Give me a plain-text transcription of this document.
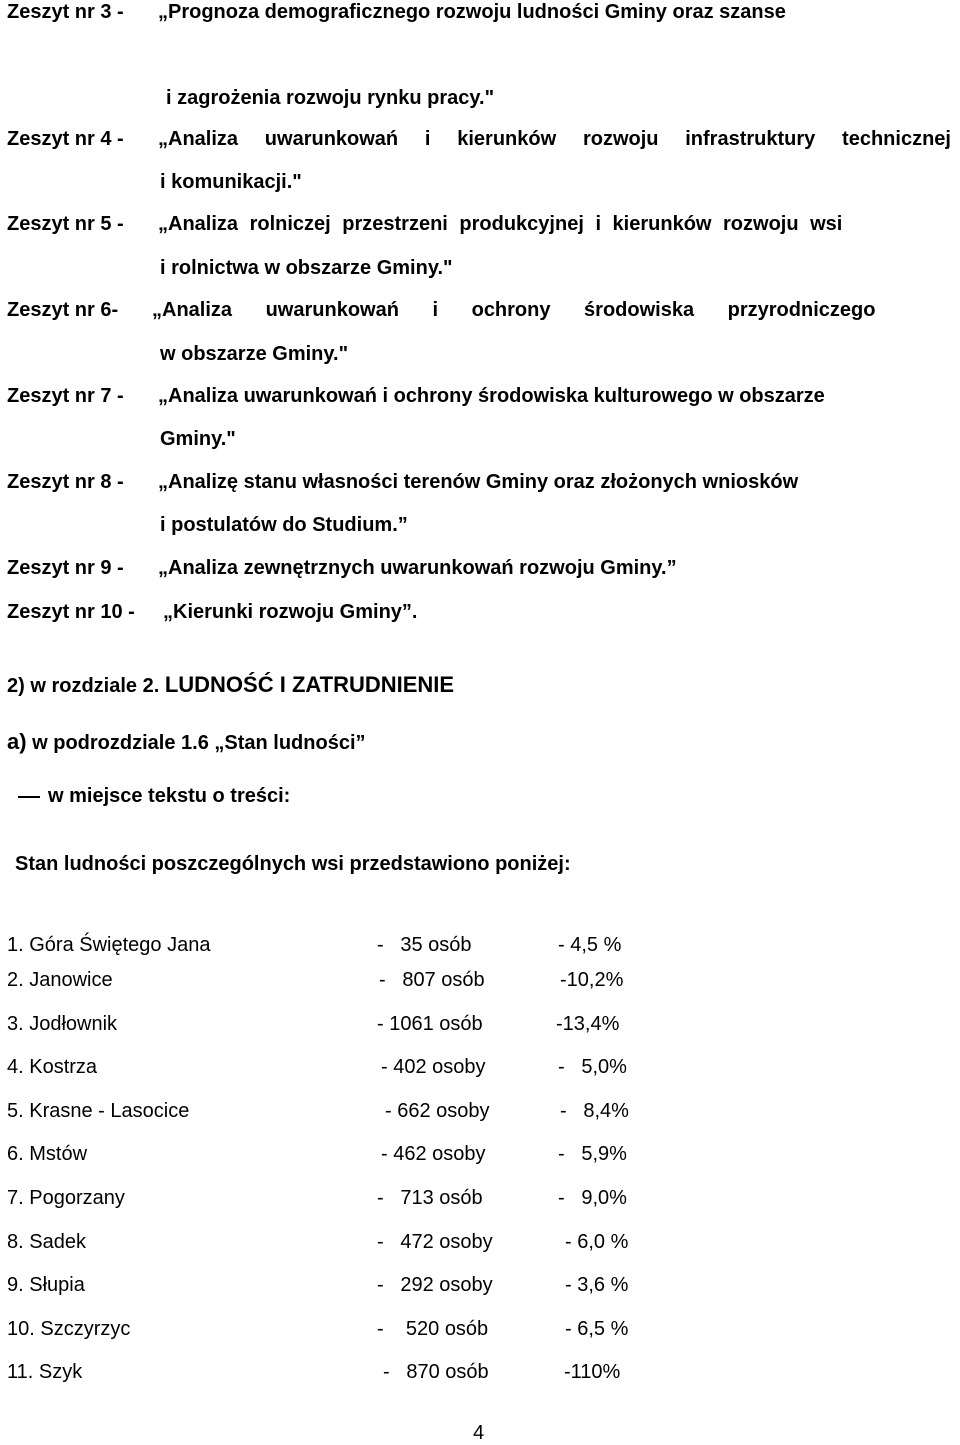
Zeszyt nr 3 - „Prognoza demograficznego rozwoju ludności Gminy oraz szanse
i zagrożenia rozwoju rynku pracy."
Zeszyt nr 4 - „Analiza uwarunkowań i kierunków rozwoju infrastruktury technicznej
i komunikacji."
Zeszyt nr 5 - „Analiza rolniczej przestrzeni produkcyjnej i kierunków rozwoju wsi
i rolnictwa w obszarze Gminy."
Zeszyt nr 6- „Analiza uwarunkowań i ochrony środowiska przyrodniczego
w obszarze Gminy."
Zeszyt nr 7 - „Analiza uwarunkowań i ochrony środowiska kulturowego w obszarze
Gminy."
Zeszyt nr 8 - „Analizę stanu własności terenów Gminy oraz złożonych wniosków
i postulatów do Studium.”
Zeszyt nr 9 - „Analiza zewnętrznych uwarunkowań rozwoju Gminy.”
Zeszyt nr 10 - „Kierunki rozwoju Gminy”.
2) w rozdziale 2. LUDNOŚĆ I ZATRUDNIENIE
a) w podrozdziale 1.6 „Stan ludności”
w miejsce tekstu o treści:
Stan ludności poszczególnych wsi przedstawiono poniżej:
1. Góra Świętego Jana	-   35 osób	- 4,5 %
2. Janowice	-   807 osób	-10,2%
3. Jodłownik	- 1061 osób	-13,4%
4. Kostrza	- 402 osoby	-   5,0%
5. Krasne - Lasocice	- 662 osoby	-   8,4%
6. Mstów	- 462 osoby	-   5,9%
7. Pogorzany	-   713 osób	-   9,0%
8. Sadek	-   472 osoby	- 6,0 %
9. Słupia	-   292 osoby	- 3,6 %
10. Szczyrzyc	-    520 osób	- 6,5 %
11. Szyk	-   870 osób	-110%
4
